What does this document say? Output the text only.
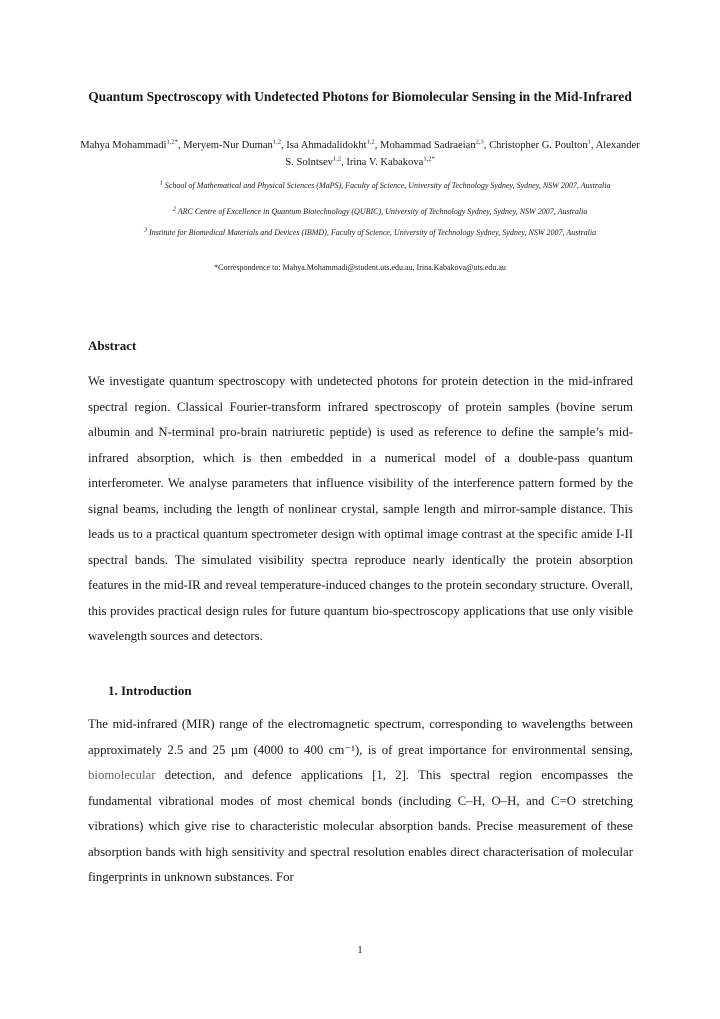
Quantum Spectroscopy with Undetected Photons for Biomolecular Sensing in the Mid-Infrared
Mahya Mohammadi$^{1,2*}$, Meryem-Nur Duman$^{1,2}$, Isa Ahmadalidokht$^{1,2}$, Mohammad Sadraeian$^{2,3}$, Christopher G. Poulton$^1$, Alexander S. Solntsev$^{1,2}$, Irina V. Kabakova$^{1,2*}$
$^1$ School of Mathematical and Physical Sciences (MaPS), Faculty of Science, University of Technology Sydney, Sydney, NSW 2007, Australia
$^2$ ARC Centre of Excellence in Quantum Biotechnology (QUBIC), University of Technology Sydney, Sydney, NSW 2007, Australia
$^3$ Institute for Biomedical Materials and Devices (IBMD), Faculty of Science, University of Technology Sydney, Sydney, NSW 2007, Australia
*Correspondence to: Mahya.Mohammadi@student.uts.edu.au, Irina.Kabakova@uts.edu.au
Abstract

We investigate quantum spectroscopy with undetected photons for protein detection in the mid-infrared spectral region. Classical Fourier-transform infrared spectroscopy of protein samples (bovine serum albumin and N-terminal pro-brain natriuretic peptide) is used as reference to define the sample’s mid-infrared absorption, which is then embedded in a numerical model of a double-pass quantum interferometer. We analyse parameters that influence visibility of the interference pattern formed by the signal beams, including the length of nonlinear crystal, sample length and mirror-sample distance. This leads us to a practical quantum spectrometer design with optimal image contrast at the specific amide I-II spectral bands. The simulated visibility spectra reproduce nearly identically the protein absorption features in the mid-IR and reveal temperature-induced changes to the protein secondary structure. Overall, this provides practical design rules for future quantum bio-spectroscopy applications that use only visible wavelength sources and detectors.

1. Introduction

The mid-infrared (MIR) range of the electromagnetic spectrum, corresponding to wavelengths between approximately 2.5 and 25 µm (4000 to 400 cm⁻¹), is of great importance for environmental sensing, biomolecular detection, and defence applications [1, 2]. This spectral region encompasses the fundamental vibrational modes of most chemical bonds (including C–H, O–H, and C=O stretching vibrations) which give rise to characteristic molecular absorption bands. Precise measurement of these absorption bands with high sensitivity and spectral resolution enables direct characterisation of molecular fingerprints in unknown substances. For

1
